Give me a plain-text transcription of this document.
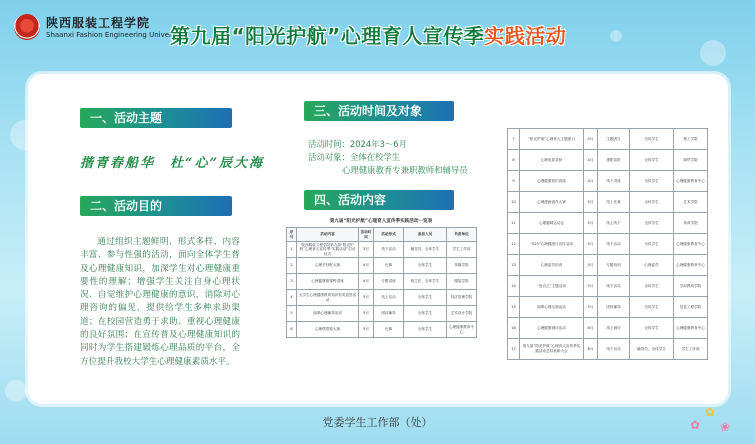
陕西服装工程学院
Shaanxi Fashion Engineering University
第九届“阳光护航”心理育人宣传季实践活动
一、活动主题
揩青春船华　杜“心”辰大海
二、活动目的
通过组织主题鲜明、形式多样、内容丰富、参与性强的活动，面向全体学生普及心理健康知识，加深学生对心理健康重要性的理解；增强学生关注自身心理状况、自觉维护心理健康的意识，消除对心理咨询的偏见，提供给学生多种求助渠道；在校园营造勇于求助、重视心理健康的良好氛围；在宣传普及心理健康知识的同时为学生搭建锻炼心理品质的平台，全方位提升我校大学生心理健康素质水平。
三、活动时间及对象
活动时间：2024年3～6月
活动对象：全体在校学生
心理健康教育专兼职教师和辅导员
四、活动内容
第九届“阳光护航”心理育人宣传季实践活动一览表
序号	活动内容	活动时间	活动形式	参加人员	负责单位
1	陕西服装工程学院第九届“阳光护航”心理育人宣传季“实践活动”启动仪式	3月	线下活动	辅导员、全体学生	学生工作部
2	心理手抄报大赛	4月	比赛	全体学生	传媒学院
3	心理健康微课程讲座	4月	专题讲座	班主任、全体学生	服装学院
4	大学生心理健康教育知识有奖竞答活动	5月	线上活动	全体学生	经济管理学院
5	朋辈心理辅导活动	5月	团体辅导	全体学生	艺术设计学院
6	心理情景剧大赛	5月	比赛	全体学生	心理健康教育中心
7	“阳光护航”心理育人主题团日	4月	主题团日	全体学生	理工学院
8	心理电影赏析	4月	观影赏析	全体学生	商贸学院
9	心理健康知识讲座	4月	线下讲座	全体学生	心理健康教育中心
10	心理漫画创作大赛	5月	线上比赛	全体学生	艺术学院
11	心理趣味运动会	5月	线上线下	全体学生	体育学院
12	“525”心理健康日宣传活动	5月	线下活动	全体学生	心理健康教育中心
13	心理委员培训	5月	专题培训	心理委员	心理健康教育中心
14	“爱自己”主题活动	5月	线下活动	全体学生	学前教育学院
15	朋辈心理互助活动	5月	团体辅导	全体学生	信息工程学院
16	心理健康测评活动	6月	线上测评	全体学生	心理健康教育中心
17	第九届“阳光护航”心理育人宣传季实践活动总结表彰大会	6月	线下活动	辅导员、全体学生	学生工作部
党委学生工作部（处）	✿
✿
❀
